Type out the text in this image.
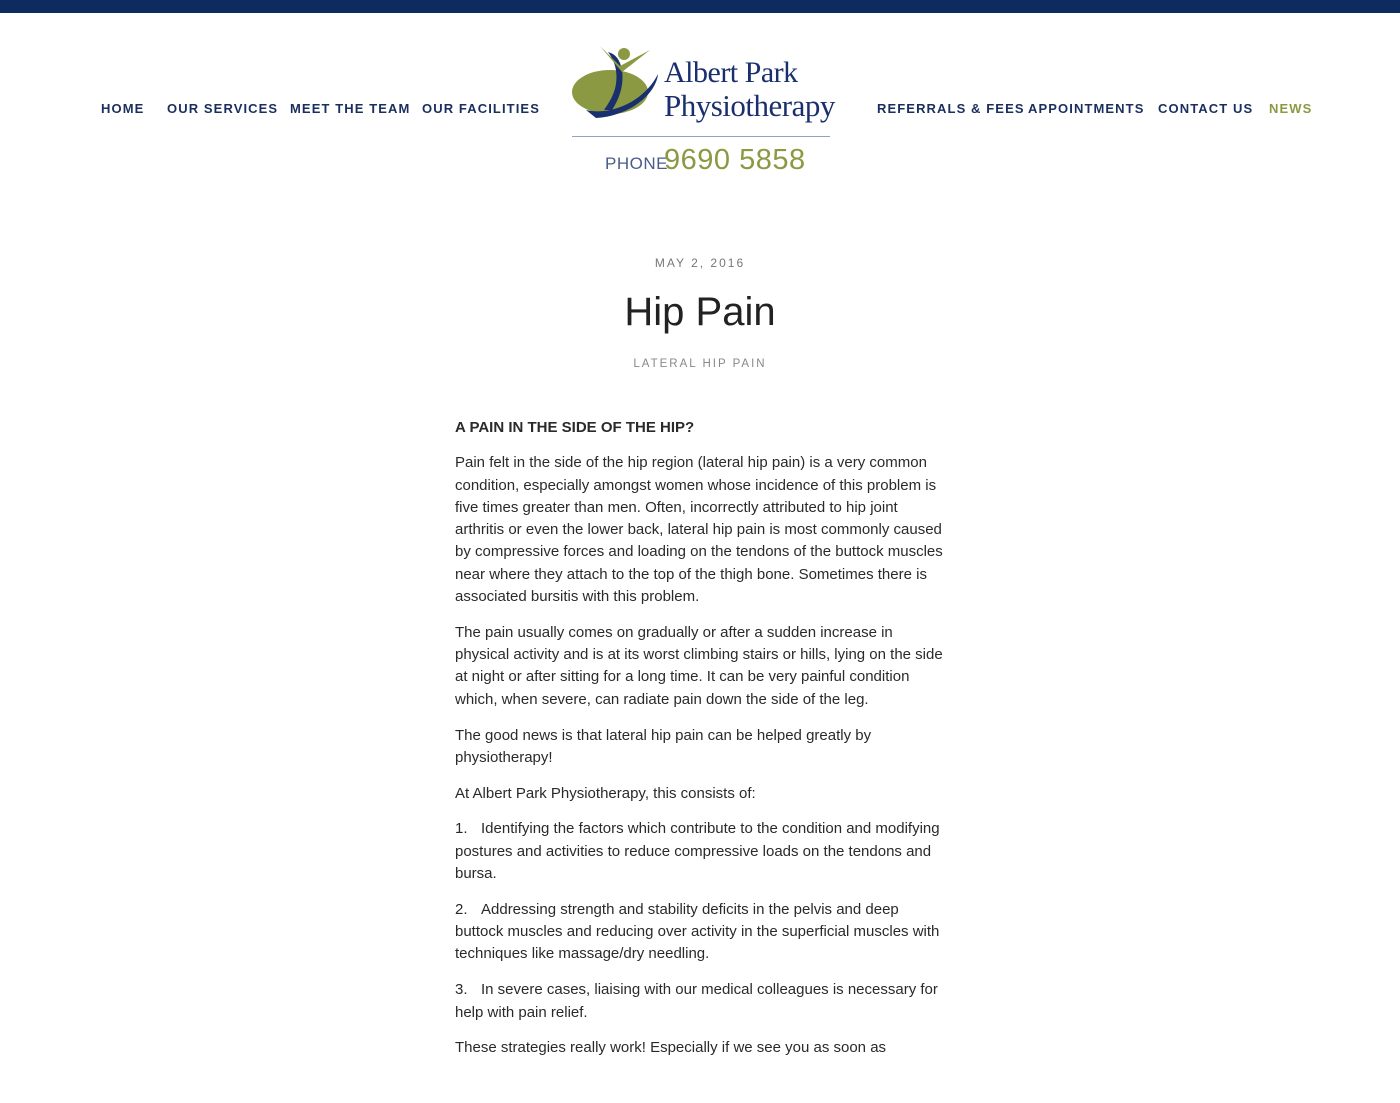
HOME OUR SERVICES MEET THE TEAM OUR FACILITIES	REFERRALS & FEES APPOINTMENTS CONTACT US NEWS
Albert Park
Physiotherapy
PHONE
9690 5858
MAY 2, 2016
Hip Pain
LATERAL HIP PAIN

A PAIN IN THE SIDE OF THE HIP?

Pain felt in the side of the hip region (lateral hip pain) is a very common condition, especially amongst women whose incidence of this problem is five times greater than men. Often, incorrectly attributed to hip joint arthritis or even the lower back, lateral hip pain is most commonly caused by compressive forces and loading on the tendons of the buttock muscles near where they attach to the top of the thigh bone. Sometimes there is associated bursitis with this problem.

The pain usually comes on gradually or after a sudden increase in physical activity and is at its worst climbing stairs or hills, lying on the side at night or after sitting for a long time. It can be very painful condition which, when severe, can radiate pain down the side of the leg.

The good news is that lateral hip pain can be helped greatly by physiotherapy!

At Albert Park Physiotherapy, this consists of:

1. Identifying the factors which contribute to the condition and modifying postures and activities to reduce compressive loads on the tendons and bursa.

2. Addressing strength and stability deficits in the pelvis and deep buttock muscles and reducing over activity in the superficial muscles with techniques like massage/dry needling.

3. In severe cases, liaising with our medical colleagues is necessary for help with pain relief.

These strategies really work! Especially if we see you as soon as
